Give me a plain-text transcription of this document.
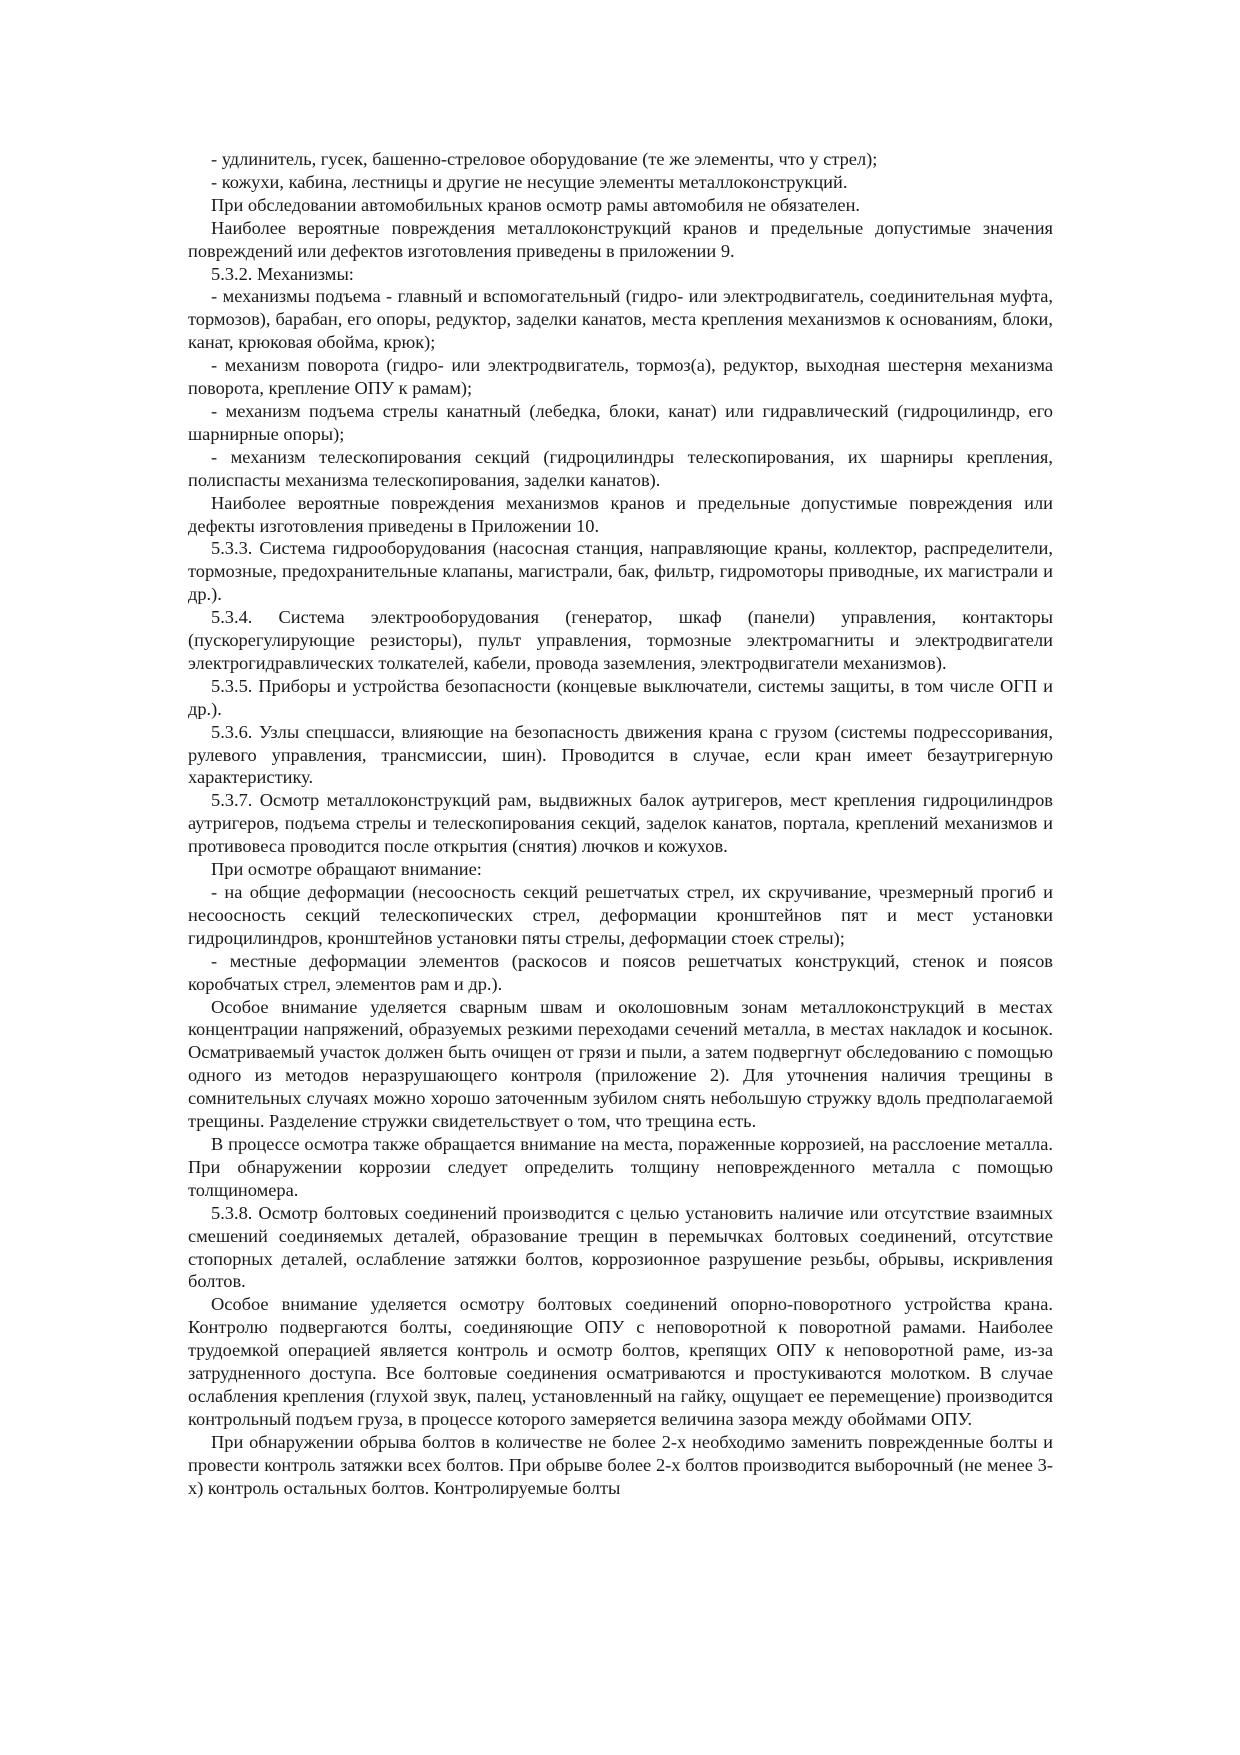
- удлинитель, гусек, башенно-стреловое оборудование (те же элементы, что у стрел);

- кожухи, кабина, лестницы и другие не несущие элементы металлоконструкций.

При обследовании автомобильных кранов осмотр рамы автомобиля не обязателен.

Наиболее вероятные повреждения металлоконструкций кранов и предельные допустимые значения повреждений или дефектов изготовления приведены в приложении 9.

5.3.2. Механизмы:

- механизмы подъема - главный и вспомогательный (гидро- или электродвигатель, соединительная муфта, тормозов), барабан, его опоры, редуктор, заделки канатов, места крепления механизмов к основаниям, блоки, канат, крюковая обойма, крюк);

- механизм поворота (гидро- или электродвигатель, тормоз(а), редуктор, выходная шестерня механизма поворота, крепление ОПУ к рамам);

- механизм подъема стрелы канатный (лебедка, блоки, канат) или гидравлический (гидроцилиндр, его шарнирные опоры);

- механизм телескопирования секций (гидроцилиндры телескопирования, их шарниры крепления, полиспасты механизма телескопирования, заделки канатов).

Наиболее вероятные повреждения механизмов кранов и предельные допустимые повреждения или дефекты изготовления приведены в Приложении 10.

5.3.3. Система гидрооборудования (насосная станция, направляющие краны, коллектор, распределители, тормозные, предохранительные клапаны, магистрали, бак, фильтр, гидромоторы приводные, их магистрали и др.).

5.3.4. Система электрооборудования (генератор, шкаф (панели) управления, контакторы (пускорегулирующие резисторы), пульт управления, тормозные электромагниты и электродвигатели электрогидравлических толкателей, кабели, провода заземления, электродвигатели механизмов).

5.3.5. Приборы и устройства безопасности (концевые выключатели, системы защиты, в том числе ОГП и др.).

5.3.6. Узлы спецшасси, влияющие на безопасность движения крана с грузом (системы подрессоривания, рулевого управления, трансмиссии, шин). Проводится в случае, если кран имеет безаутригерную характеристику.

5.3.7. Осмотр металлоконструкций рам, выдвижных балок аутригеров, мест крепления гидроцилиндров аутригеров, подъема стрелы и телескопирования секций, заделок канатов, портала, креплений механизмов и противовеса проводится после открытия (снятия) лючков и кожухов.

При осмотре обращают внимание:

- на общие деформации (несоосность секций решетчатых стрел, их скручивание, чрезмерный прогиб и несоосность секций телескопических стрел, деформации кронштейнов пят и мест установки гидроцилиндров, кронштейнов установки пяты стрелы, деформации стоек стрелы);

- местные деформации элементов (раскосов и поясов решетчатых конструкций, стенок и поясов коробчатых стрел, элементов рам и др.).

Особое внимание уделяется сварным швам и околошовным зонам металлоконструкций в местах концентрации напряжений, образуемых резкими переходами сечений металла, в местах накладок и косынок. Осматриваемый участок должен быть очищен от грязи и пыли, а затем подвергнут обследованию с помощью одного из методов неразрушающего контроля (приложение 2). Для уточнения наличия трещины в сомнительных случаях можно хорошо заточенным зубилом снять небольшую стружку вдоль предполагаемой трещины. Разделение стружки свидетельствует о том, что трещина есть.

В процессе осмотра также обращается внимание на места, пораженные коррозией, на расслоение металла. При обнаружении коррозии следует определить толщину неповрежденного металла с помощью толщиномера.

5.3.8. Осмотр болтовых соединений производится с целью установить наличие или отсутствие взаимных смешений соединяемых деталей, образование трещин в перемычках болтовых соединений, отсутствие стопорных деталей, ослабление затяжки болтов, коррозионное разрушение резьбы, обрывы, искривления болтов.

Особое внимание уделяется осмотру болтовых соединений опорно-поворотного устройства крана. Контролю подвергаются болты, соединяющие ОПУ с неповоротной к поворотной рамами. Наиболее трудоемкой операцией является контроль и осмотр болтов, крепящих ОПУ к неповоротной раме, из-за затрудненного доступа. Все болтовые соединения осматриваются и простукиваются молотком. В случае ослабления крепления (глухой звук, палец, установленный на гайку, ощущает ее перемещение) производится контрольный подъем груза, в процессе которого замеряется величина зазора между обоймами ОПУ.

При обнаружении обрыва болтов в количестве не более 2-х необходимо заменить поврежденные болты и провести контроль затяжки всех болтов. При обрыве более 2-х болтов производится выборочный (не менее 3-х) контроль остальных болтов. Контролируемые болты
